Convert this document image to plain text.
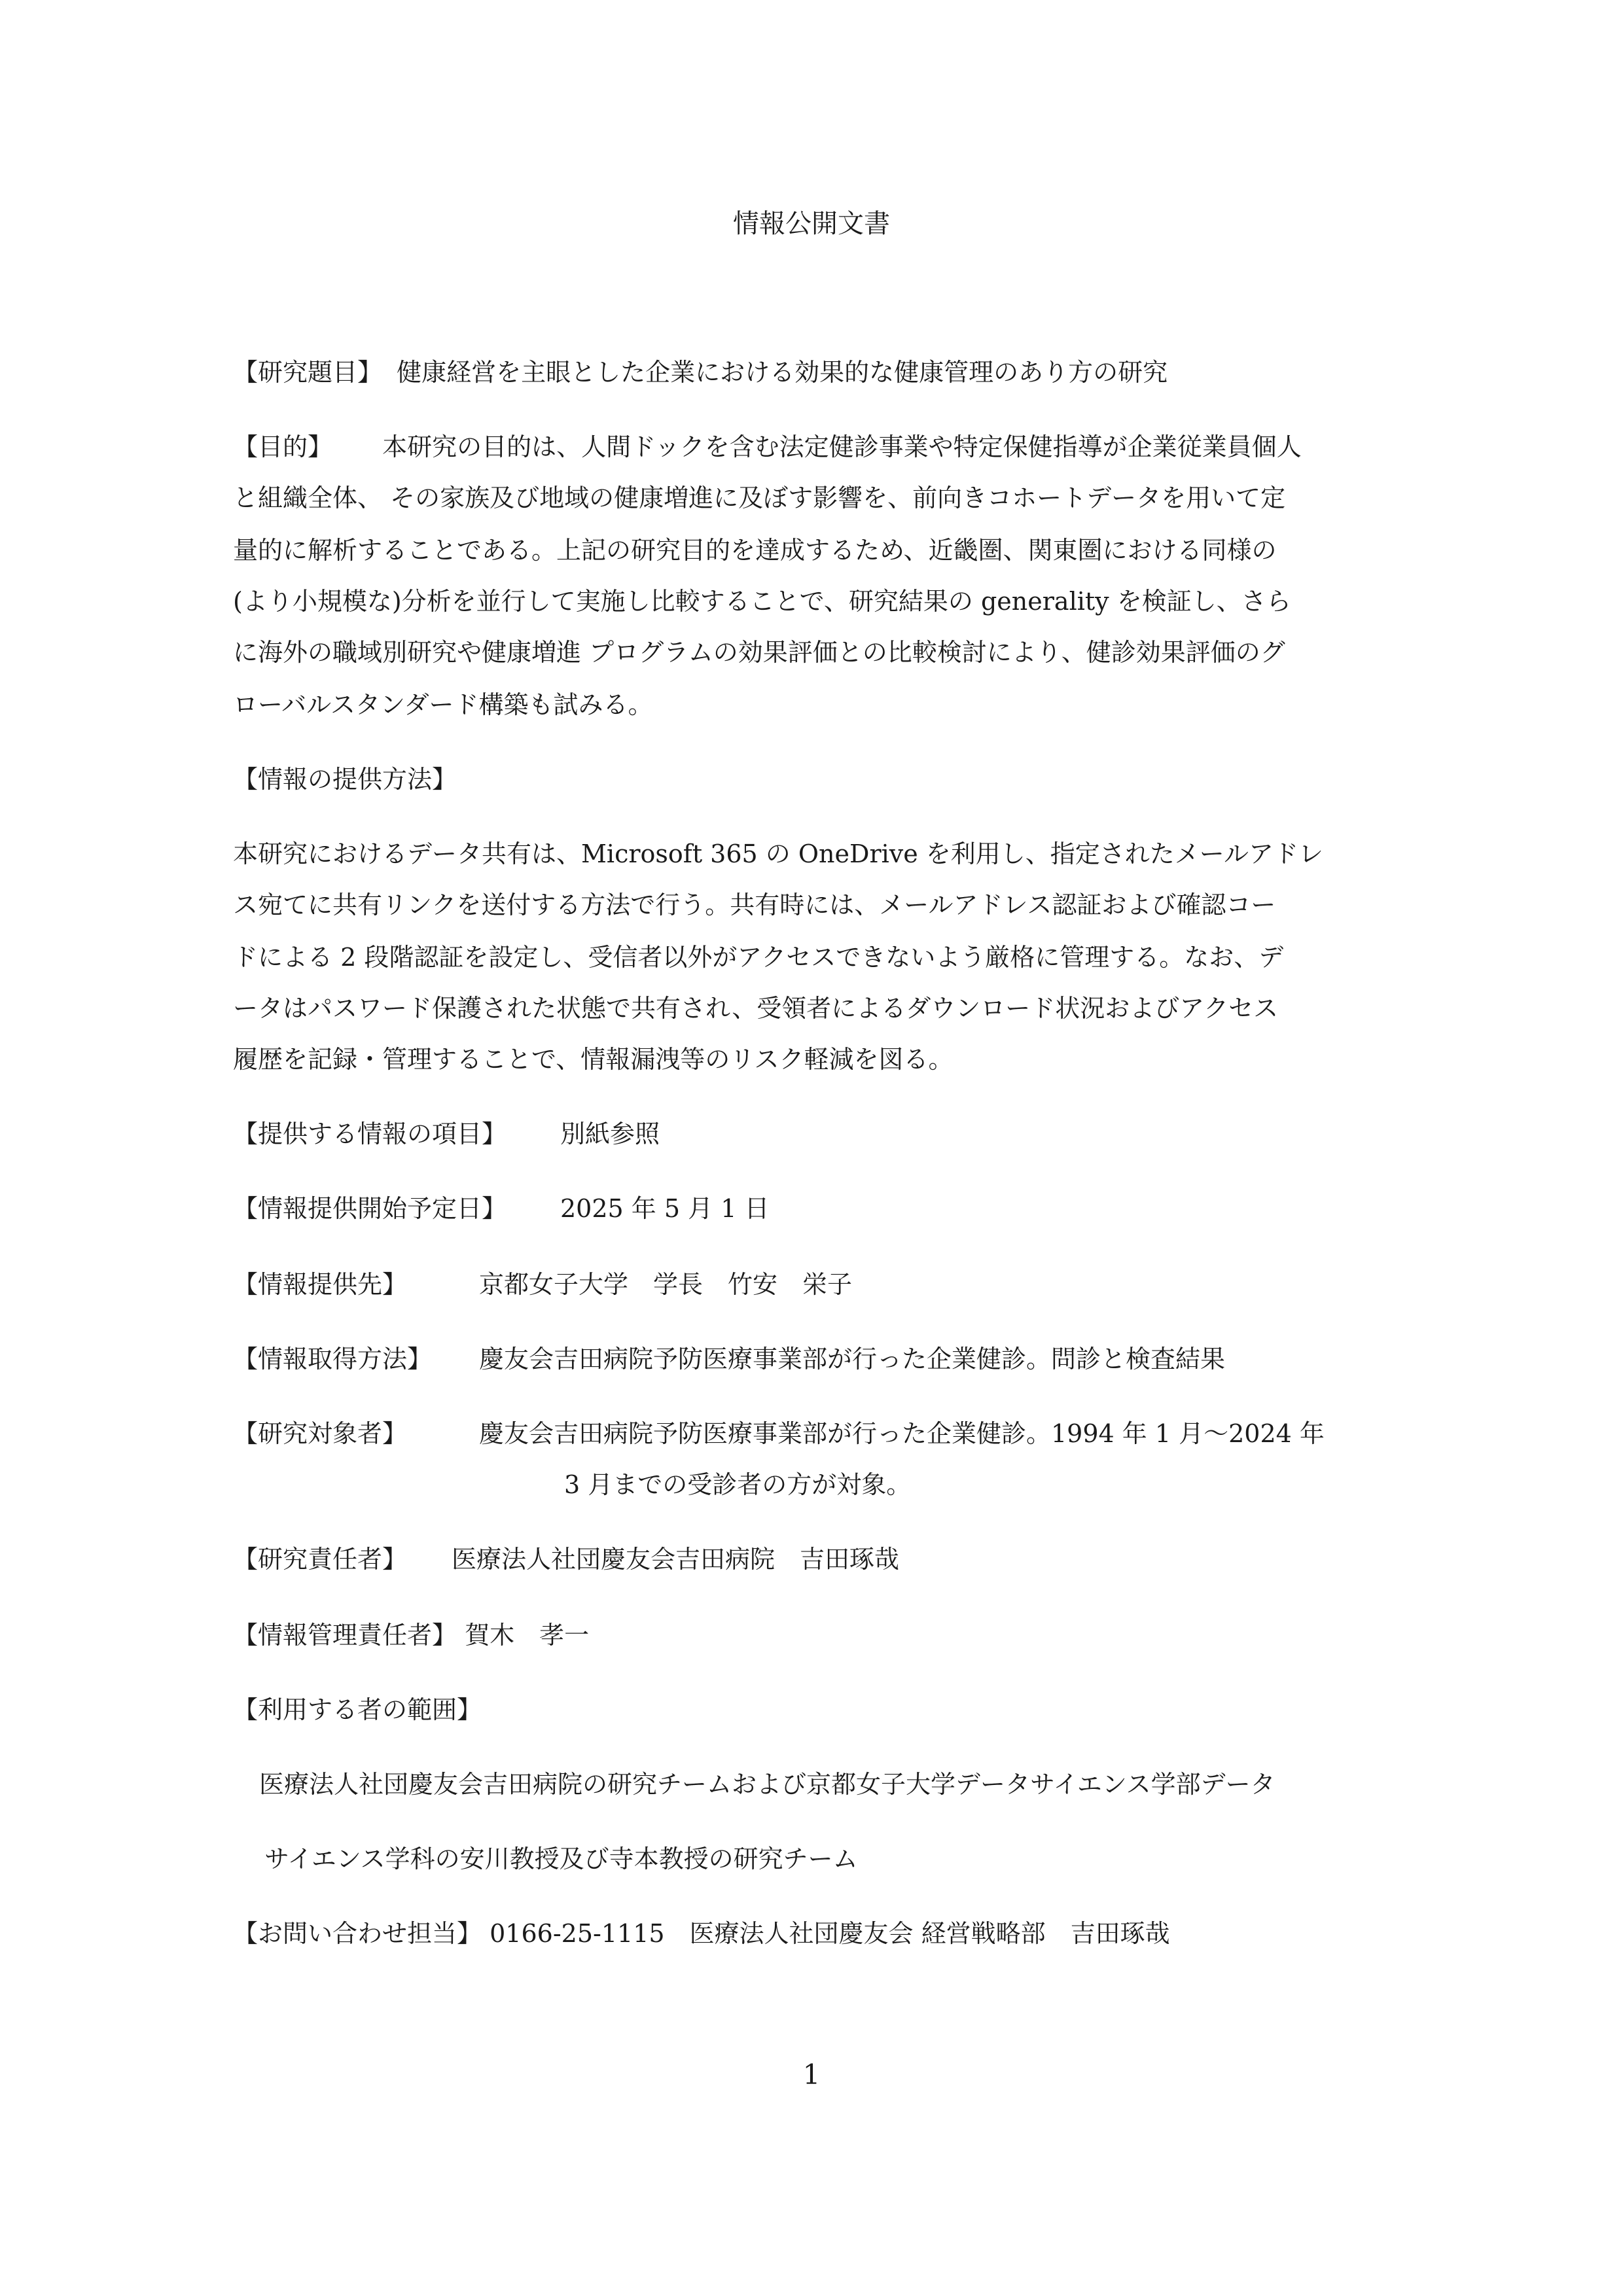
情報公開文書
【研究題目】 健康経営を主眼とした企業における効果的な健康管理のあり方の研究
【目的】 本研究の目的は、人間ドックを含む法定健診事業や特定保健指導が企業従業員個人
と組織全体、 その家族及び地域の健康増進に及ぼす影響を、前向きコホートデータを用いて定
量的に解析することである。上記の研究目的を達成するため、近畿圏、関東圏における同様の
(より小規模な)分析を並行して実施し比較することで、研究結果の generality を検証し、さら
に海外の職域別研究や健康増進 プログラムの効果評価との比較検討により、健診効果評価のグ
ローバルスタンダード構築も試みる。
【情報の提供方法】
本研究におけるデータ共有は、Microsoft 365 の OneDrive を利用し、指定されたメールアドレ
ス宛てに共有リンクを送付する方法で行う。共有時には、メールアドレス認証および確認コー
ドによる 2 段階認証を設定し、受信者以外がアクセスできないよう厳格に管理する。なお、デ
ータはパスワード保護された状態で共有され、受領者によるダウンロード状況およびアクセス
履歴を記録・管理することで、情報漏洩等のリスク軽減を図る。
【提供する情報の項目】 別紙参照
【情報提供開始予定日】 2025 年 5 月 1 日
【情報提供先】	京都女子大学　学長　竹安　栄子
【情報取得方法】 慶友会吉田病院予防医療事業部が行った企業健診。問診と検査結果
【研究対象者】	慶友会吉田病院予防医療事業部が行った企業健診。1994 年 1 月〜2024 年
3 月までの受診者の方が対象。
【研究責任者】 医療法人社団慶友会吉田病院　吉田琢哉
【情報管理責任者】 賀木　孝一
【利用する者の範囲】
医療法人社団慶友会吉田病院の研究チームおよび京都女子大学データサイエンス学部データ
サイエンス学科の安川教授及び寺本教授の研究チーム
【お問い合わせ担当】 0166-25-1115　医療法人社団慶友会 経営戦略部　吉田琢哉
1
